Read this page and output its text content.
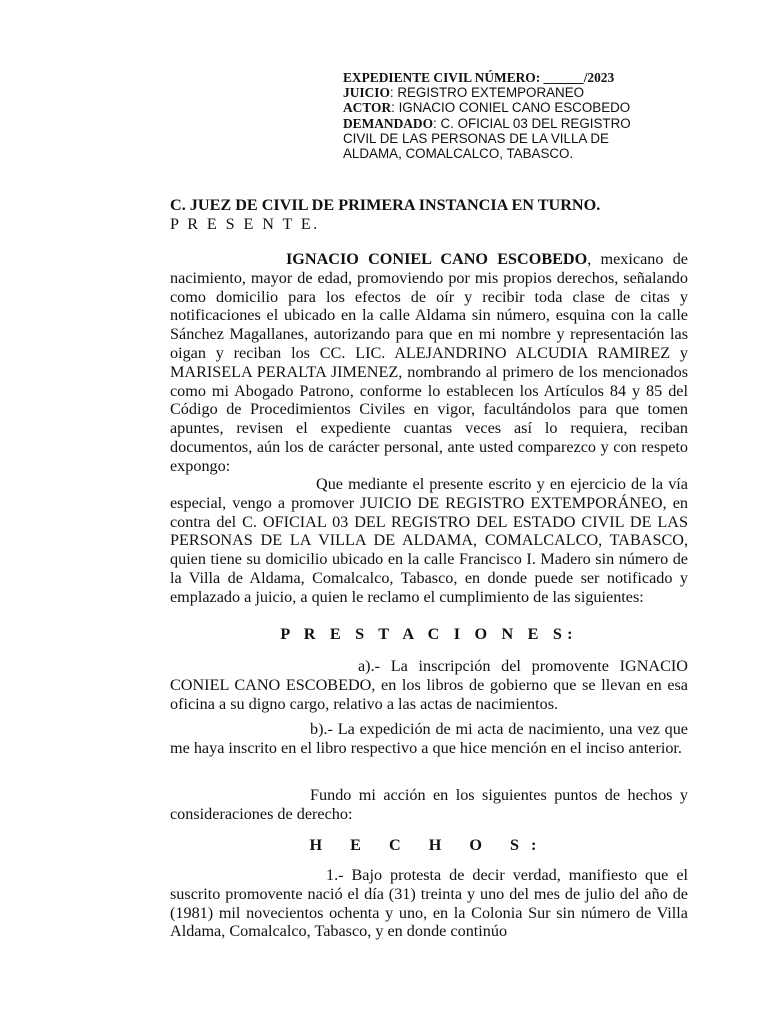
EXPEDIENTE CIVIL NÚMERO: ______/2023
JUICIO: REGISTRO EXTEMPORANEO
ACTOR: IGNACIO CONIEL CANO ESCOBEDO
DEMANDADO: C. OFICIAL 03 DEL REGISTRO
CIVIL DE LAS PERSONAS DE LA VILLA DE
ALDAMA, COMALCALCO, TABASCO.
C. JUEZ DE CIVIL DE PRIMERA INSTANCIA EN TURNO.
P R E S E N T E.

IGNACIO CONIEL CANO ESCOBEDO, mexicano de nacimiento, mayor de edad, promoviendo por mis propios derechos, señalando como domicilio para los efectos de oír y recibir toda clase de citas y notificaciones el ubicado en la calle Aldama sin número, esquina con la calle Sánchez Magallanes, autorizando para que en mi nombre y representación las oigan y reciban los CC. LIC. ALEJANDRINO ALCUDIA RAMIREZ y MARISELA PERALTA JIMENEZ, nombrando al primero de los mencionados como mi Abogado Patrono, conforme lo establecen los Artículos 84 y 85 del Código de Procedimientos Civiles en vigor, facultándolos para que tomen apuntes, revisen el expediente cuantas veces así lo requiera, reciban documentos, aún los de carácter personal, ante usted comparezco y con respeto expongo:

Que mediante el presente escrito y en ejercicio de la vía especial, vengo a promover JUICIO DE REGISTRO EXTEMPORÁNEO, en contra del C. OFICIAL 03 DEL REGISTRO DEL ESTADO CIVIL DE LAS PERSONAS DE LA VILLA DE ALDAMA, COMALCALCO, TABASCO, quien tiene su domicilio ubicado en la calle Francisco I. Madero sin número de la Villa de Aldama, Comalcalco, Tabasco, en donde puede ser notificado y emplazado a juicio, a quien le reclamo el cumplimiento de las siguientes:

P R E S T A C I O N E S:

a).- La inscripción del promovente IGNACIO CONIEL CANO ESCOBEDO, en los libros de gobierno que se llevan en esa oficina a su digno cargo, relativo a las actas de nacimientos.

b).- La expedición de mi acta de nacimiento, una vez que me haya inscrito en el libro respectivo a que hice mención en el inciso anterior.

Fundo mi acción en los siguientes puntos de hechos y consideraciones de derecho:

H E C H O S:

1.- Bajo protesta de decir verdad, manifiesto que el suscrito promovente nació el día (31) treinta y uno del mes de julio del año de (1981) mil novecientos ochenta y uno, en la Colonia Sur sin número de Villa Aldama, Comalcalco, Tabasco, y en donde continúo
